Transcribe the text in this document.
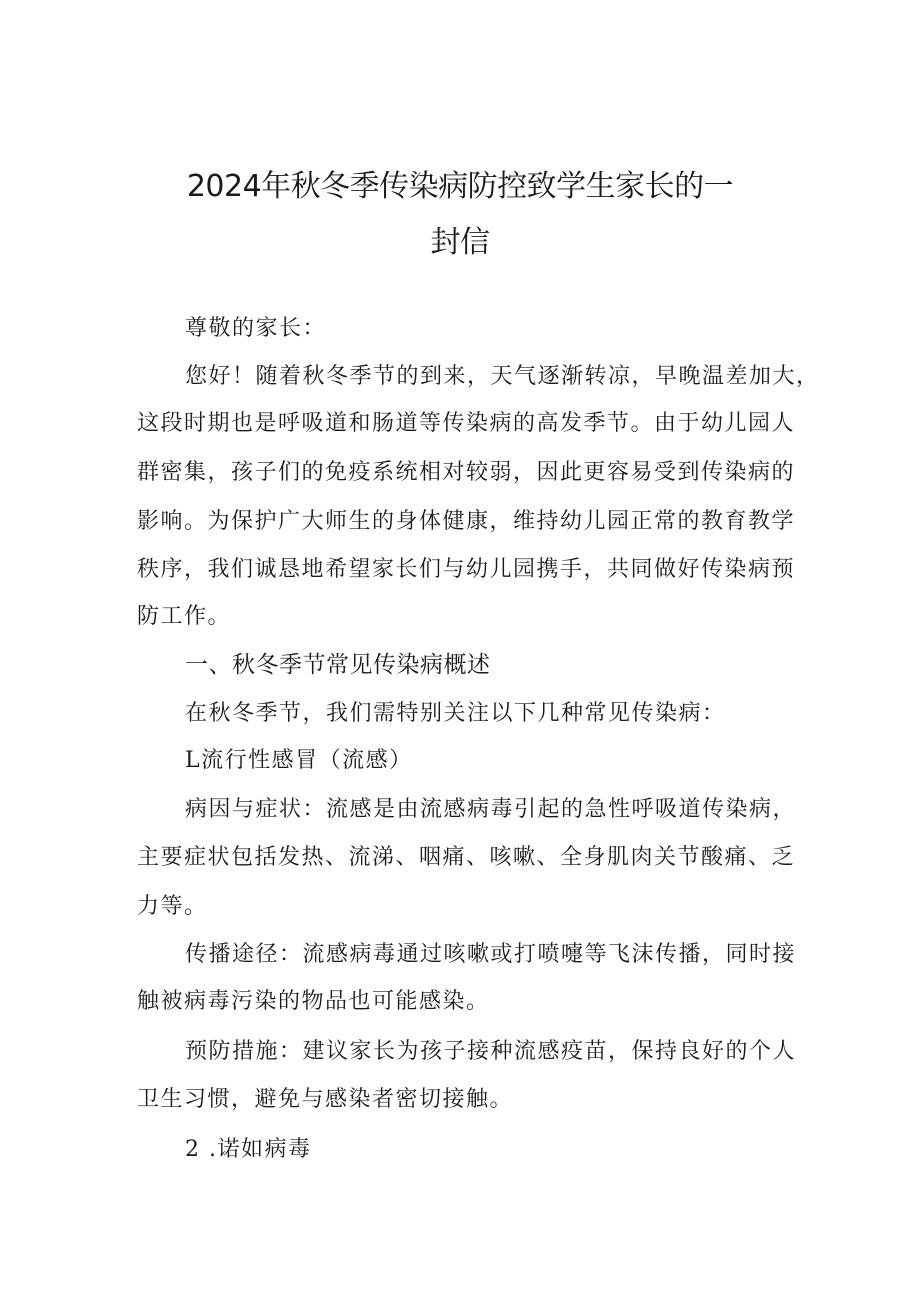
2024年秋冬季传染病防控致学生家长的一
封信
尊敬的家长：
您好！随着秋冬季节的到来，天气逐渐转凉，早晚温差加大，
这段时期也是呼吸道和肠道等传染病的高发季节。由于幼儿园人
群密集，孩子们的免疫系统相对较弱，因此更容易受到传染病的
影响。为保护广大师生的身体健康，维持幼儿园正常的教育教学
秩序，我们诚恳地希望家长们与幼儿园携手，共同做好传染病预
防工作。
一、秋冬季节常见传染病概述
在秋冬季节，我们需特别关注以下几种常见传染病：
L流行性感冒（流感）
病因与症状：流感是由流感病毒引起的急性呼吸道传染病，
主要症状包括发热、流涕、咽痛、咳嗽、全身肌肉关节酸痛、乏
力等。
传播途径：流感病毒通过咳嗽或打喷嚏等飞沫传播，同时接
触被病毒污染的物品也可能感染。
预防措施：建议家长为孩子接种流感疫苗，保持良好的个人
卫生习惯，避免与感染者密切接触。
2 .诺如病毒
